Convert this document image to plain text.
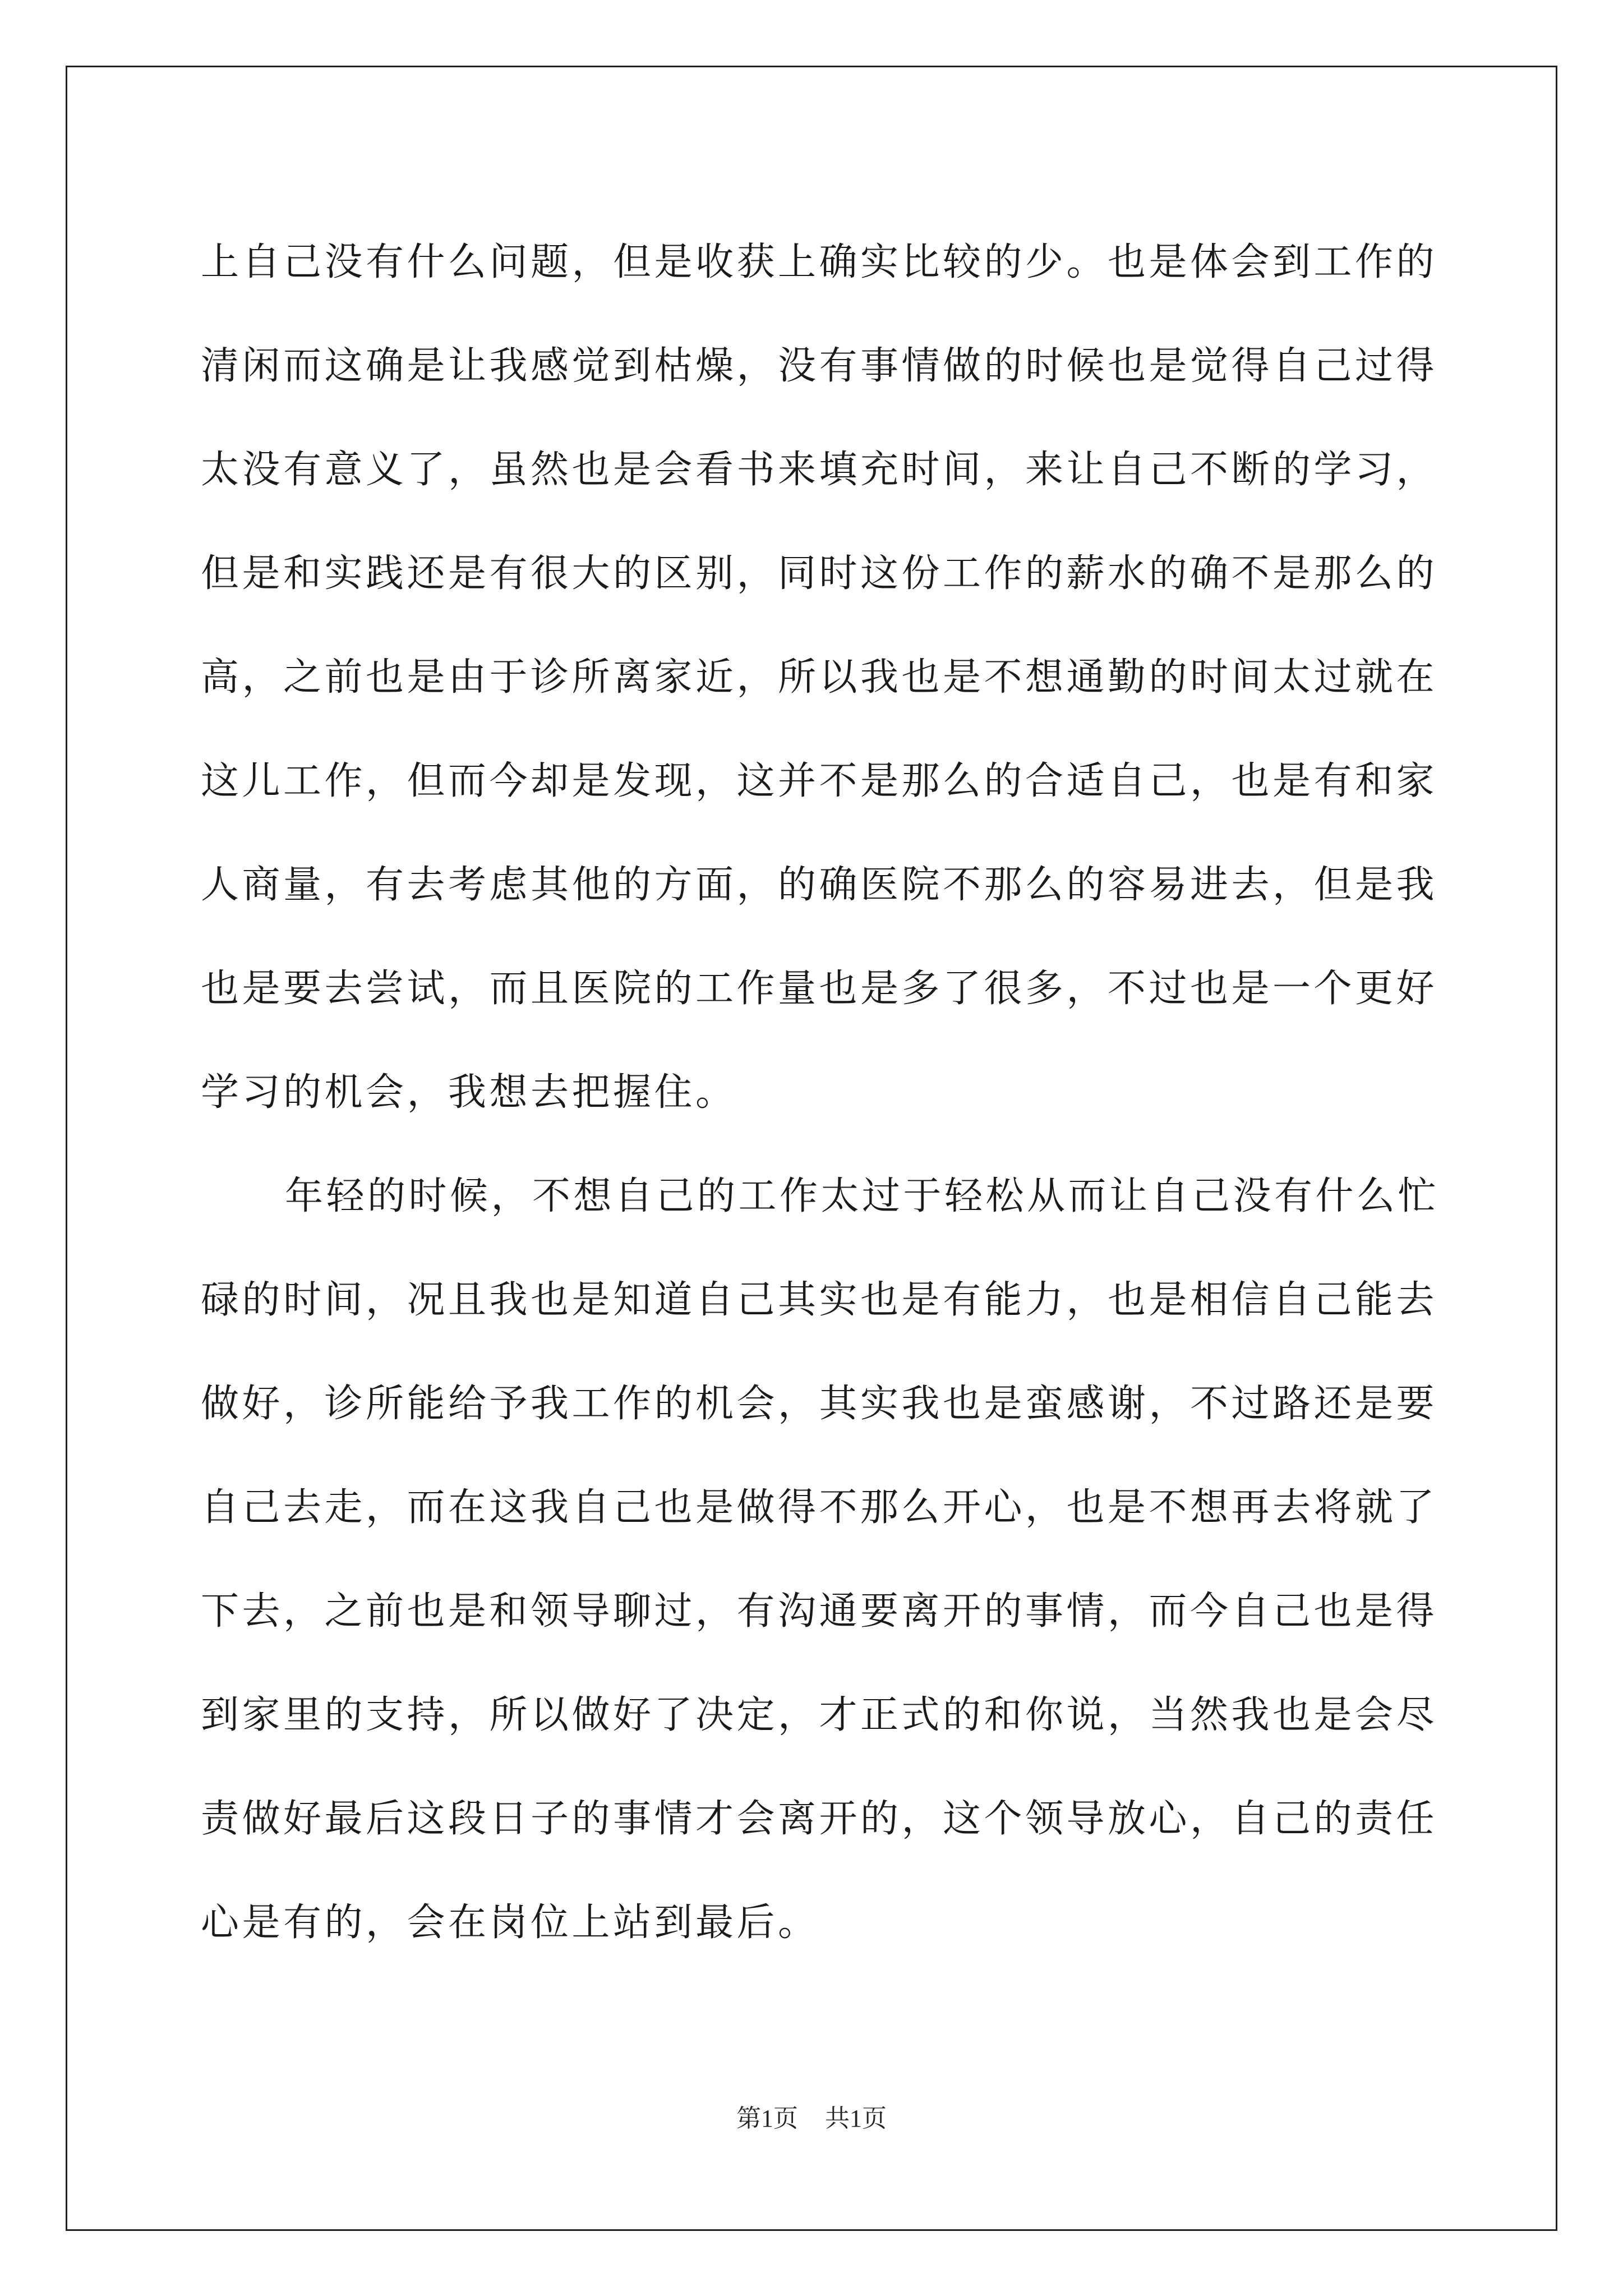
上自己没有什么问题，但是收获上确实比较的少。也是体会到工作的
清闲而这确是让我感觉到枯燥，没有事情做的时候也是觉得自己过得
太没有意义了，虽然也是会看书来填充时间，来让自己不断的学习，
但是和实践还是有很大的区别，同时这份工作的薪水的确不是那么的
高，之前也是由于诊所离家近，所以我也是不想通勤的时间太过就在
这儿工作，但而今却是发现，这并不是那么的合适自己，也是有和家
人商量，有去考虑其他的方面，的确医院不那么的容易进去，但是我
也是要去尝试，而且医院的工作量也是多了很多，不过也是一个更好
学习的机会，我想去把握住。
年轻的时候，不想自己的工作太过于轻松从而让自己没有什么忙
碌的时间，况且我也是知道自己其实也是有能力，也是相信自己能去
做好，诊所能给予我工作的机会，其实我也是蛮感谢，不过路还是要
自己去走，而在这我自己也是做得不那么开心，也是不想再去将就了
下去，之前也是和领导聊过，有沟通要离开的事情，而今自己也是得
到家里的支持，所以做好了决定，才正式的和你说，当然我也是会尽
责做好最后这段日子的事情才会离开的，这个领导放心，自己的责任
心是有的，会在岗位上站到最后。
第1页 共1页
